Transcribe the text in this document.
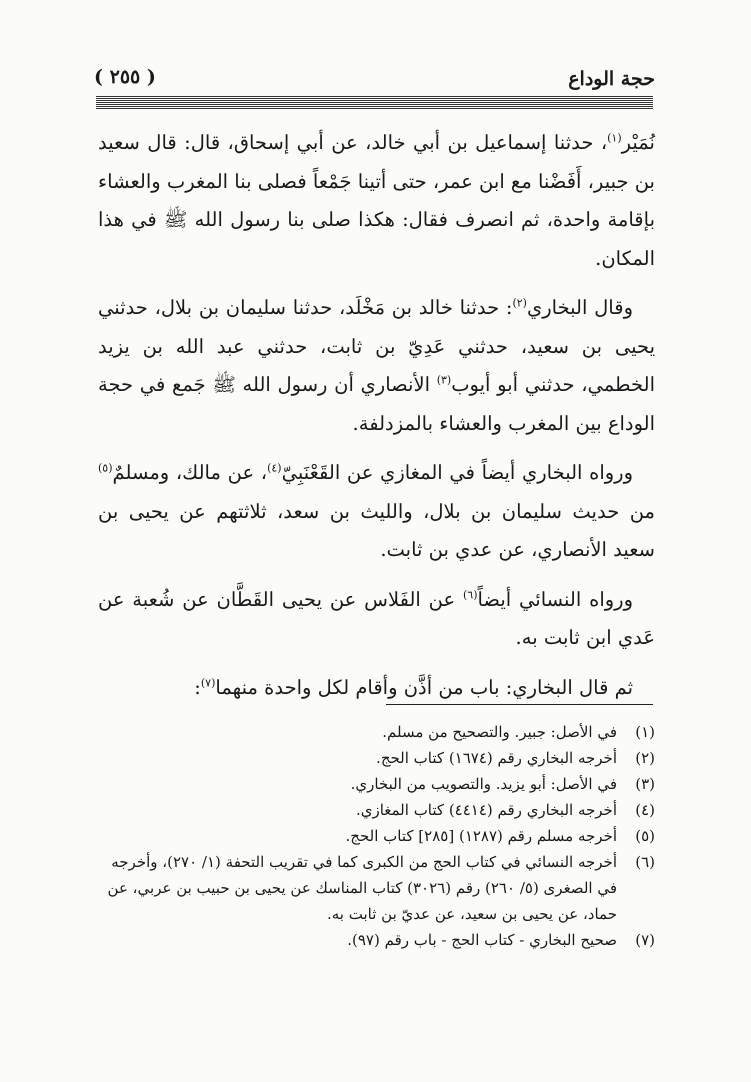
حجة الوداع
( ٢٥٥ )

نُمَيْر$^{(١)}$، حدثنا إسماعيل بن أبي خالد، عن أبي إسحاق، قال: قال سعيد بن جبير، أَفَضْنا مع ابن عمر، حتى أتينا جَمْعاً فصلى بنا المغرب والعشاء بإقامة واحدة، ثم انصرف فقال: هكذا صلى بنا رسول الله ﷺ في هذا المكان.

وقال البخاري$^{(٢)}$: حدثنا خالد بن مَخْلَد، حدثنا سليمان بن بلال، حدثني يحيى بن سعيد، حدثني عَدِيّ بن ثابت، حدثني عبد الله بن يزيد الخطمي، حدثني أبو أيوب$^{(٣)}$ الأنصاري أن رسول الله ﷺ جَمع في حجة الوداع بين المغرب والعشاء بالمزدلفة.

ورواه البخاري أيضاً في المغازي عن القَعْنَبِيّ$^{(٤)}$، عن مالك، ومسلمٌ$^{(٥)}$ من حديث سليمان بن بلال، والليث بن سعد، ثلاثتهم عن يحيى بن سعيد الأنصاري، عن عدي بن ثابت.

ورواه النسائي أيضاً$^{(٦)}$ عن الفَلاس عن يحيى القَطَّان عن شُعبة عن عَدي ابن ثابت به.

ثم قال البخاري: باب من أذَّن وأقام لكل واحدة منهما$^{(٧)}$:

(١)
في الأصل: جبير. والتصحيح من مسلم.
(٢)
أخرجه البخاري رقم (١٦٧٤) كتاب الحج.
(٣)
في الأصل: أبو يزيد. والتصويب من البخاري.
(٤)
أخرجه البخاري رقم (٤٤١٤) كتاب المغازي.
(٥)
أخرجه مسلم رقم (١٢٨٧) [٢٨٥] كتاب الحج.
(٦)
أخرجه النسائي في كتاب الحج من الكبرى كما في تقريب التحفة (١/ ٢٧٠)، وأخرجه في الصغرى (٥/ ٢٦٠) رقم (٣٠٢٦) كتاب المناسك عن يحيى بن حبيب بن عربي، عن حماد، عن يحيى بن سعيد، عن عديّ بن ثابت به.
(٧)
صحيح البخاري - كتاب الحج - باب رقم (٩٧).
